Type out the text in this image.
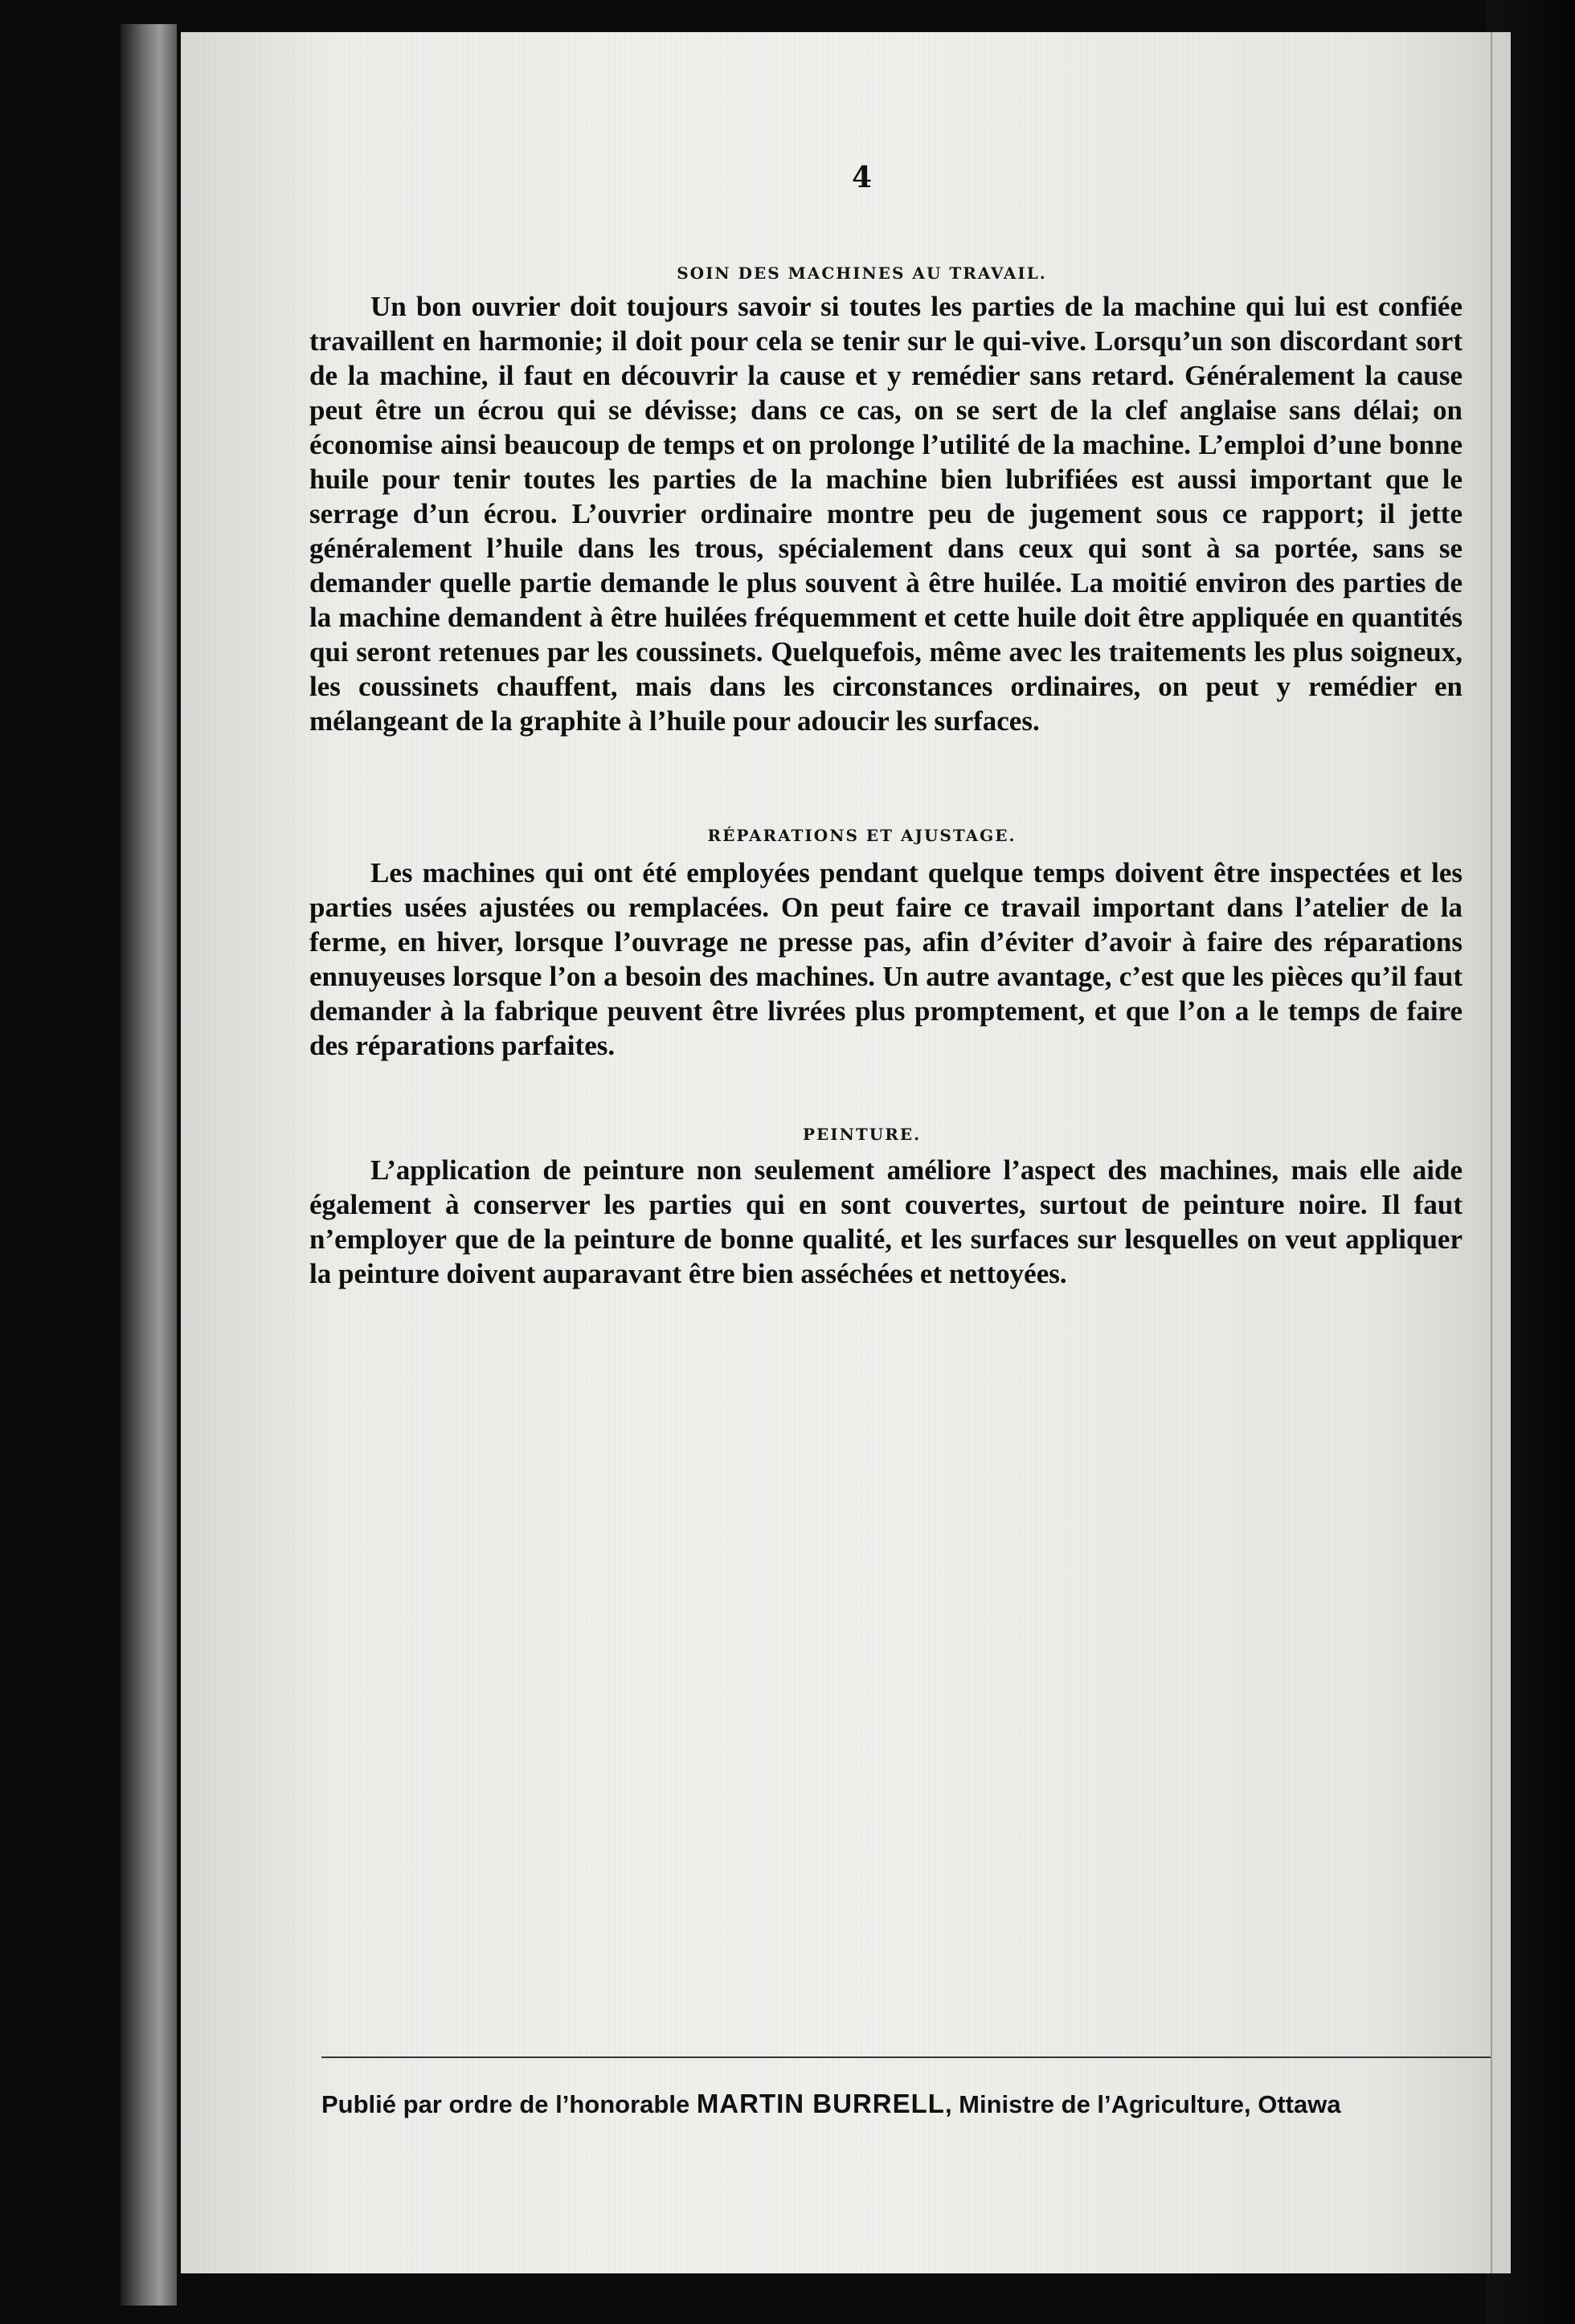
4
SOIN DES MACHINES AU TRAVAIL.

Un bon ouvrier doit toujours savoir si toutes les parties de la machine qui lui est confiée travaillent en harmonie; il doit pour cela se tenir sur le qui-vive. Lorsqu’un son discordant sort de la machine, il faut en découvrir la cause et y remédier sans retard. Généralement la cause peut être un écrou qui se dévisse; dans ce cas, on se sert de la clef anglaise sans délai; on économise ainsi beaucoup de temps et on prolonge l’utilité de la machine. L’emploi d’une bonne huile pour tenir toutes les parties de la machine bien lubrifiées est aussi important que le serrage d’un écrou. L’ouvrier ordinaire montre peu de jugement sous ce rapport; il jette généralement l’huile dans les trous, spécialement dans ceux qui sont à sa portée, sans se demander quelle partie demande le plus souvent à être huilée. La moitié environ des parties de la machine demandent à être huilées fréquemment et cette huile doit être appliquée en quantités qui seront retenues par les coussinets. Quelquefois, même avec les traitements les plus soigneux, les coussinets chauffent, mais dans les circonstances ordinaires, on peut y remédier en mélangeant de la graphite à l’huile pour adoucir les surfaces.

RÉPARATIONS ET AJUSTAGE.

Les machines qui ont été employées pendant quelque temps doivent être inspectées et les parties usées ajustées ou remplacées. On peut faire ce travail important dans l’atelier de la ferme, en hiver, lorsque l’ouvrage ne presse pas, afin d’éviter d’avoir à faire des réparations ennuyeuses lorsque l’on a besoin des machines. Un autre avantage, c’est que les pièces qu’il faut demander à la fabrique peuvent être livrées plus promptement, et que l’on a le temps de faire des réparations parfaites.

PEINTURE.

L’application de peinture non seulement améliore l’aspect des machines, mais elle aide également à conserver les parties qui en sont couvertes, surtout de peinture noire. Il faut n’employer que de la peinture de bonne qualité, et les surfaces sur lesquelles on veut appliquer la peinture doivent auparavant être bien asséchées et nettoyées.

Publié par ordre de l’honorable MARTIN BURRELL, Ministre de l’Agriculture, Ottawa
